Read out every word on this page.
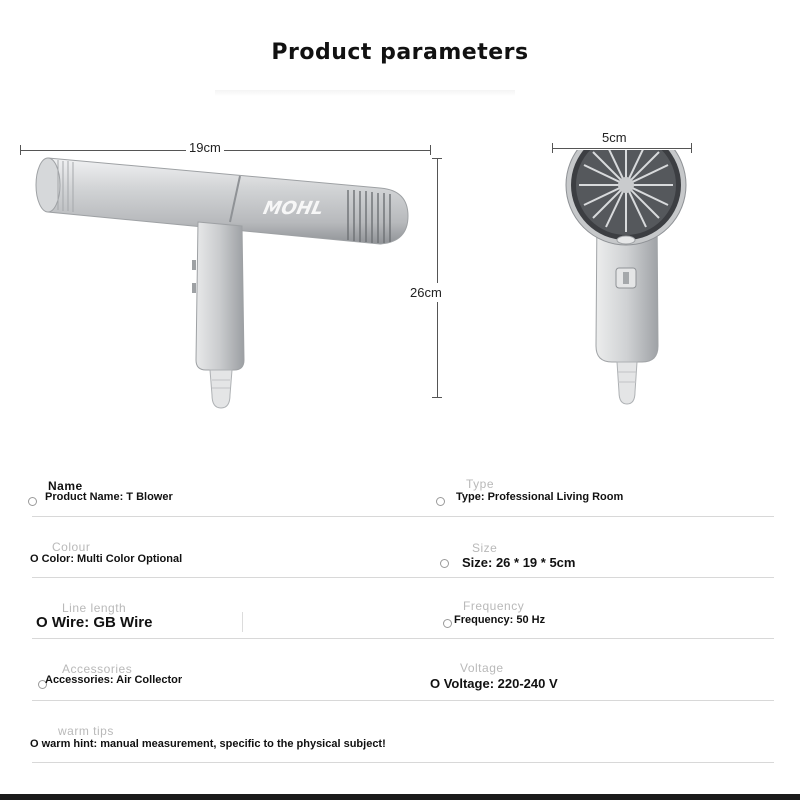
Product parameters
19cm
26cm
5cm
MOHL
Name
Product Name: T Blower
Type
Type: Professional Living Room
Colour
O Color: Multi Color Optional
Size
Size: 26 * 19 * 5cm
Line length
O Wire: GB Wire
Frequency
Frequency: 50 Hz
Accessories
Accessories: Air Collector
Voltage
O Voltage: 220-240 V
warm tips
O warm hint: manual measurement, specific to the physical subject!
